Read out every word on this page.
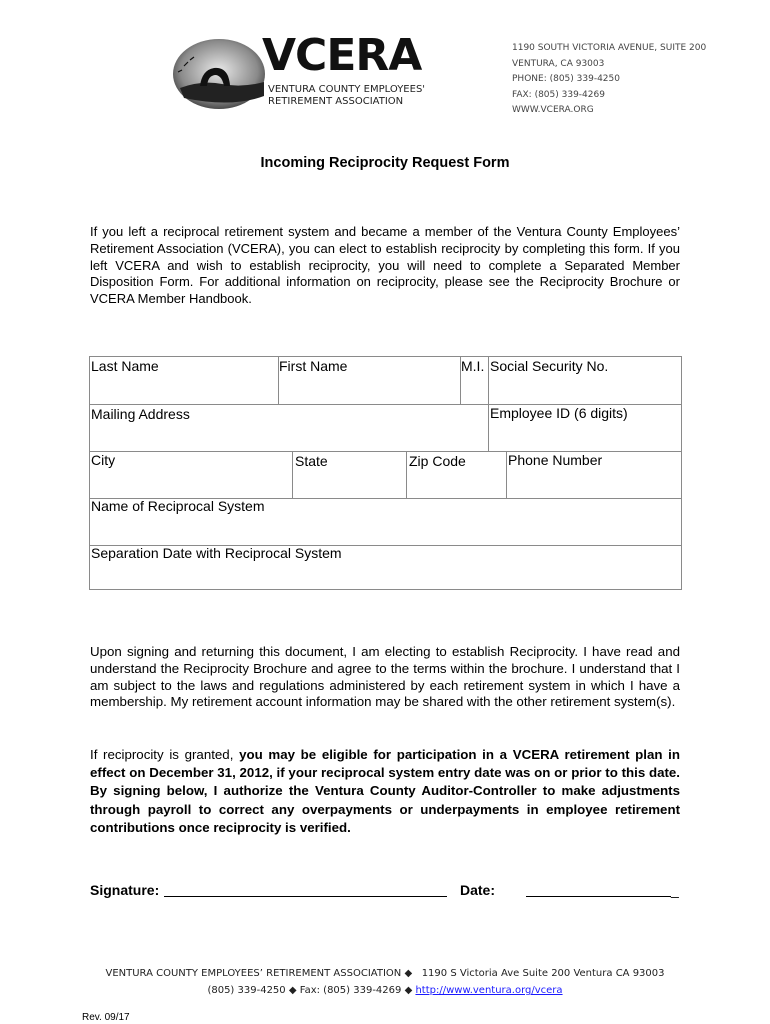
VCERA
VENTURA COUNTY EMPLOYEES'
RETIREMENT ASSOCIATION
1190 SOUTH VICTORIA AVENUE, SUITE 200
VENTURA, CA 93003
PHONE: (805) 339-4250
FAX: (805) 339-4269
WWW.VCERA.ORG
Incoming Reciprocity Request Form
If you left a reciprocal retirement system and became a member of the Ventura County Employees’ Retirement Association (VCERA), you can elect to establish reciprocity by completing this form. If you left VCERA and wish to establish reciprocity, you will need to complete a Separated Member Disposition Form. For additional information on reciprocity, please see the Reciprocity Brochure or VCERA Member Handbook.
Last Name	First Name	M.I. Social Security No.
Mailing Address	Employee ID (6 digits)
City	State	Zip Code	Phone Number
Name of Reciprocal System
Separation Date with Reciprocal System
Upon signing and returning this document, I am electing to establish Reciprocity. I have read and understand the Reciprocity Brochure and agree to the terms within the brochure. I understand that I am subject to the laws and regulations administered by each retirement system in which I have a membership. My retirement account information may be shared with the other retirement system(s).
If reciprocity is granted, you may be eligible for participation in a VCERA retirement plan in effect on December 31, 2012, if your reciprocal system entry date was on or prior to this date. By signing below, I authorize the Ventura County Auditor-Controller to make adjustments through payroll to correct any overpayments or underpayments in employee retirement contributions once reciprocity is verified.
Signature:	Date:	_
VENTURA COUNTY EMPLOYEES’ RETIREMENT ASSOCIATION ◆ 1190 S Victoria Ave Suite 200 Ventura CA 93003
(805) 339-4250 ◆ Fax: (805) 339-4269 ◆ http://www.ventura.org/vcera
Rev. 09/17
